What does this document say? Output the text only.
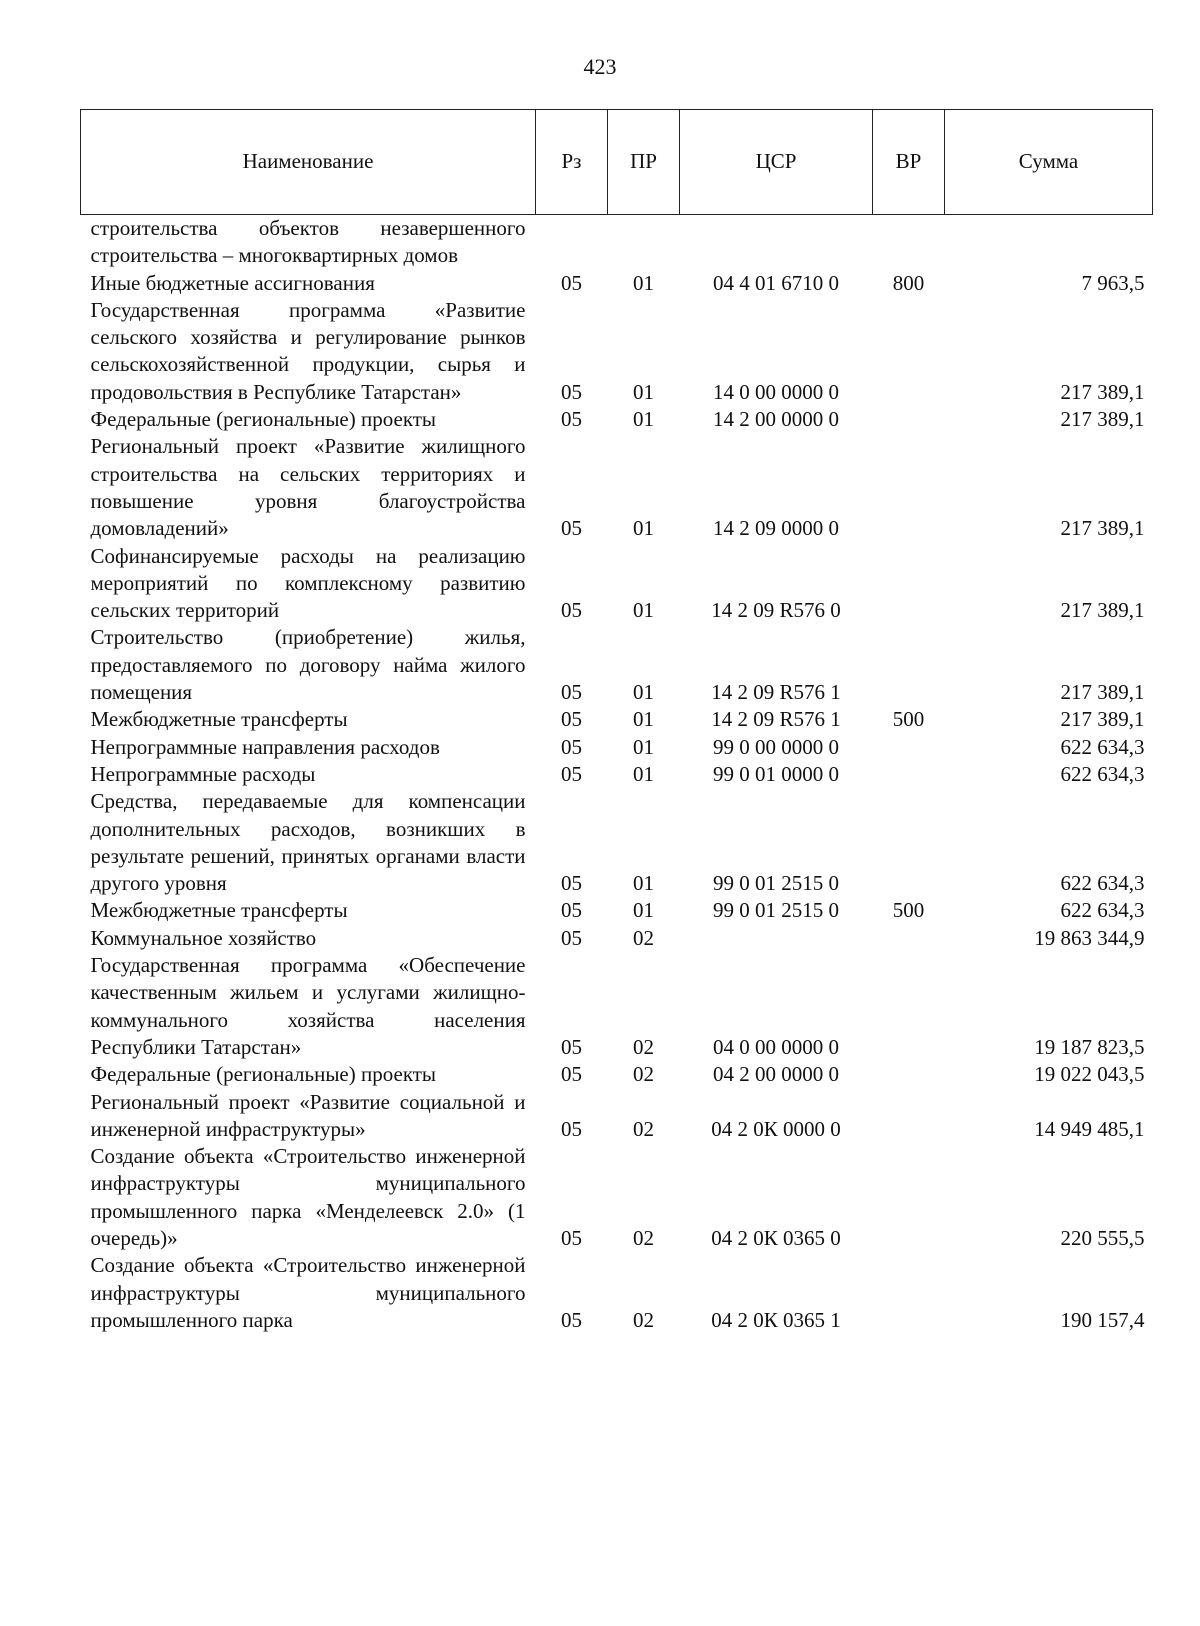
423
Наименование	Рз	ПР	ЦСР	ВР	Сумма
строительства объектов незавершенного строительства – многоквартирных домов					
Иные бюджетные ассигнования	05	01	04 4 01 6710 0	800	7 963,5
Государственная программа «Развитие сельского хозяйства и регулирование рынков сельскохозяйственной продукции, сырья и продовольствия в Республике Татарстан»	05	01	14 0 00 0000 0		217 389,1
Федеральные (региональные) проекты	05	01	14 2 00 0000 0		217 389,1
Региональный проект «Развитие жилищного строительства на сельских территориях и повышение уровня благоустройства домовладений»	05	01	14 2 09 0000 0		217 389,1
Софинансируемые расходы на реализацию мероприятий по комплексному развитию сельских территорий	05	01	14 2 09 R576 0		217 389,1
Строительство (приобретение) жилья, предоставляемого по договору найма жилого помещения	05	01	14 2 09 R576 1		217 389,1
Межбюджетные трансферты	05	01	14 2 09 R576 1	500	217 389,1
Непрограммные направления расходов	05	01	99 0 00 0000 0		622 634,3
Непрограммные расходы	05	01	99 0 01 0000 0		622 634,3
Средства, передаваемые для компенсации дополнительных расходов, возникших в результате решений, принятых органами власти другого уровня	05	01	99 0 01 2515 0		622 634,3
Межбюджетные трансферты	05	01	99 0 01 2515 0	500	622 634,3
Коммунальное хозяйство	05	02			19 863 344,9
Государственная программа «Обеспечение качественным жильем и услугами жилищно-коммунального хозяйства населения Республики Татарстан»	05	02	04 0 00 0000 0		19 187 823,5
Федеральные (региональные) проекты	05	02	04 2 00 0000 0		19 022 043,5
Региональный проект «Развитие социальной и инженерной инфраструктуры»	05	02	04 2 0К 0000 0		14 949 485,1
Создание объекта «Строительство инженерной инфраструктуры муниципального промышленного парка «Менделеевск 2.0» (1 очередь)»	05	02	04 2 0К 0365 0		220 555,5
Создание объекта «Строительство инженерной инфраструктуры муниципального промышленного парка	05	02	04 2 0К 0365 1		190 157,4
